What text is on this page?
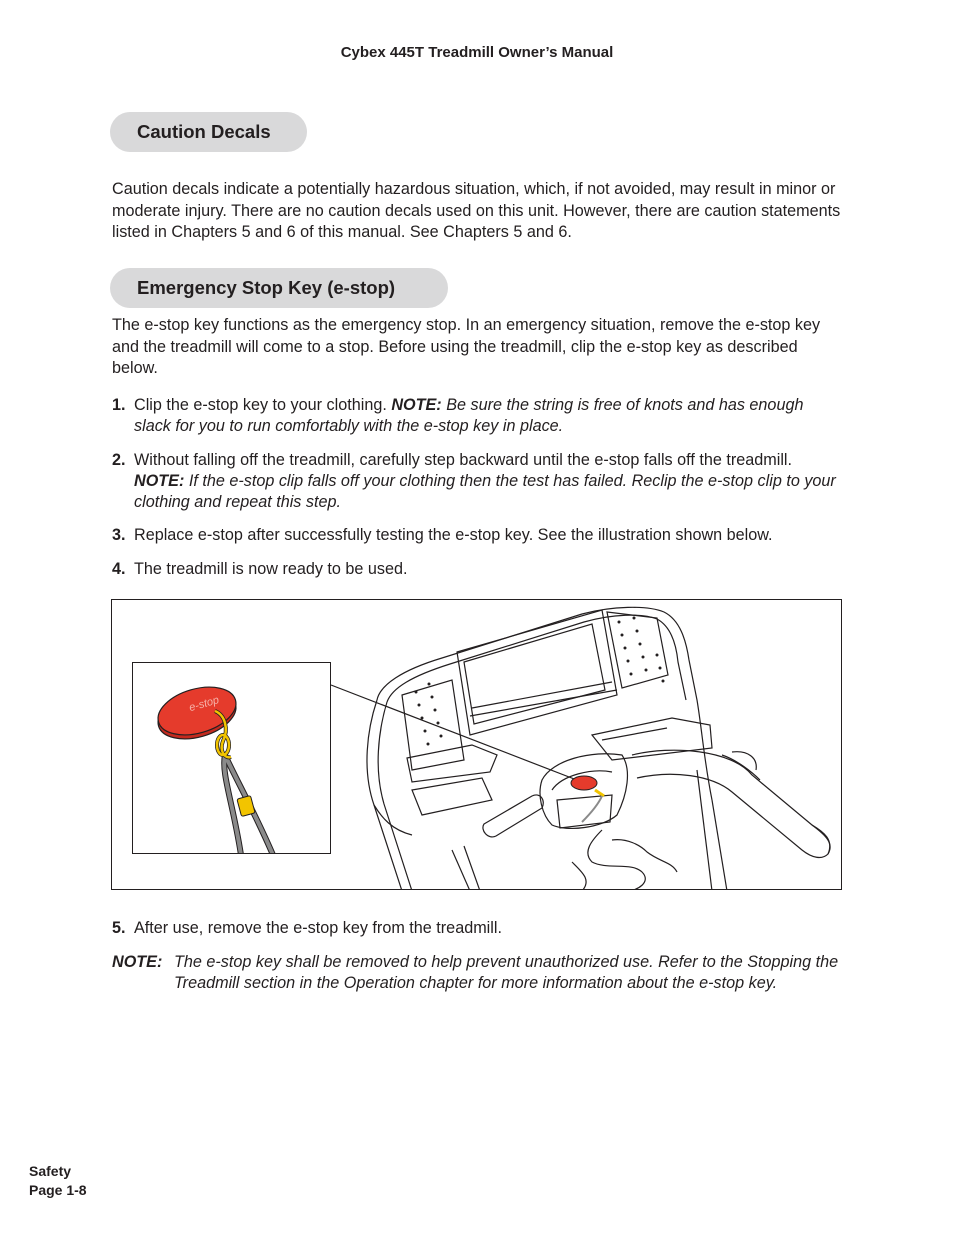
Cybex 445T Treadmill Owner’s Manual
Caution Decals
Caution decals indicate a potentially hazardous situation, which, if not avoided, may result in minor or moderate injury. There are no caution decals used on this unit. However, there are caution statements listed in Chapters 5 and 6 of this manual. See Chapters 5 and 6.
Emergency Stop Key (e-stop)
The e-stop key functions as the emergency stop. In an emergency situation, remove the e-stop key and the treadmill will come to a stop. Before using the treadmill, clip the e-stop key as described below.
1. Clip the e-stop key to your clothing. NOTE: Be sure the string is free of knots and has enough slack for you to run comfortably with the e-stop key in place.
2. Without falling off the treadmill, carefully step backward until the e-stop falls off the treadmill. NOTE: If the e-stop clip falls off your clothing then the test has failed. Reclip the e-stop clip to your clothing and repeat this step.
3. Replace e-stop after successfully testing the e-stop key. See the illustration shown below.
4. The treadmill is now ready to be used.
e-stop
5. After use, remove the e-stop key from the treadmill.
NOTE: The e-stop key shall be removed to help prevent unauthorized use. Refer to the Stopping the Treadmill section in the Operation chapter for more information about the e-stop key.
Safety
Page 1-8
